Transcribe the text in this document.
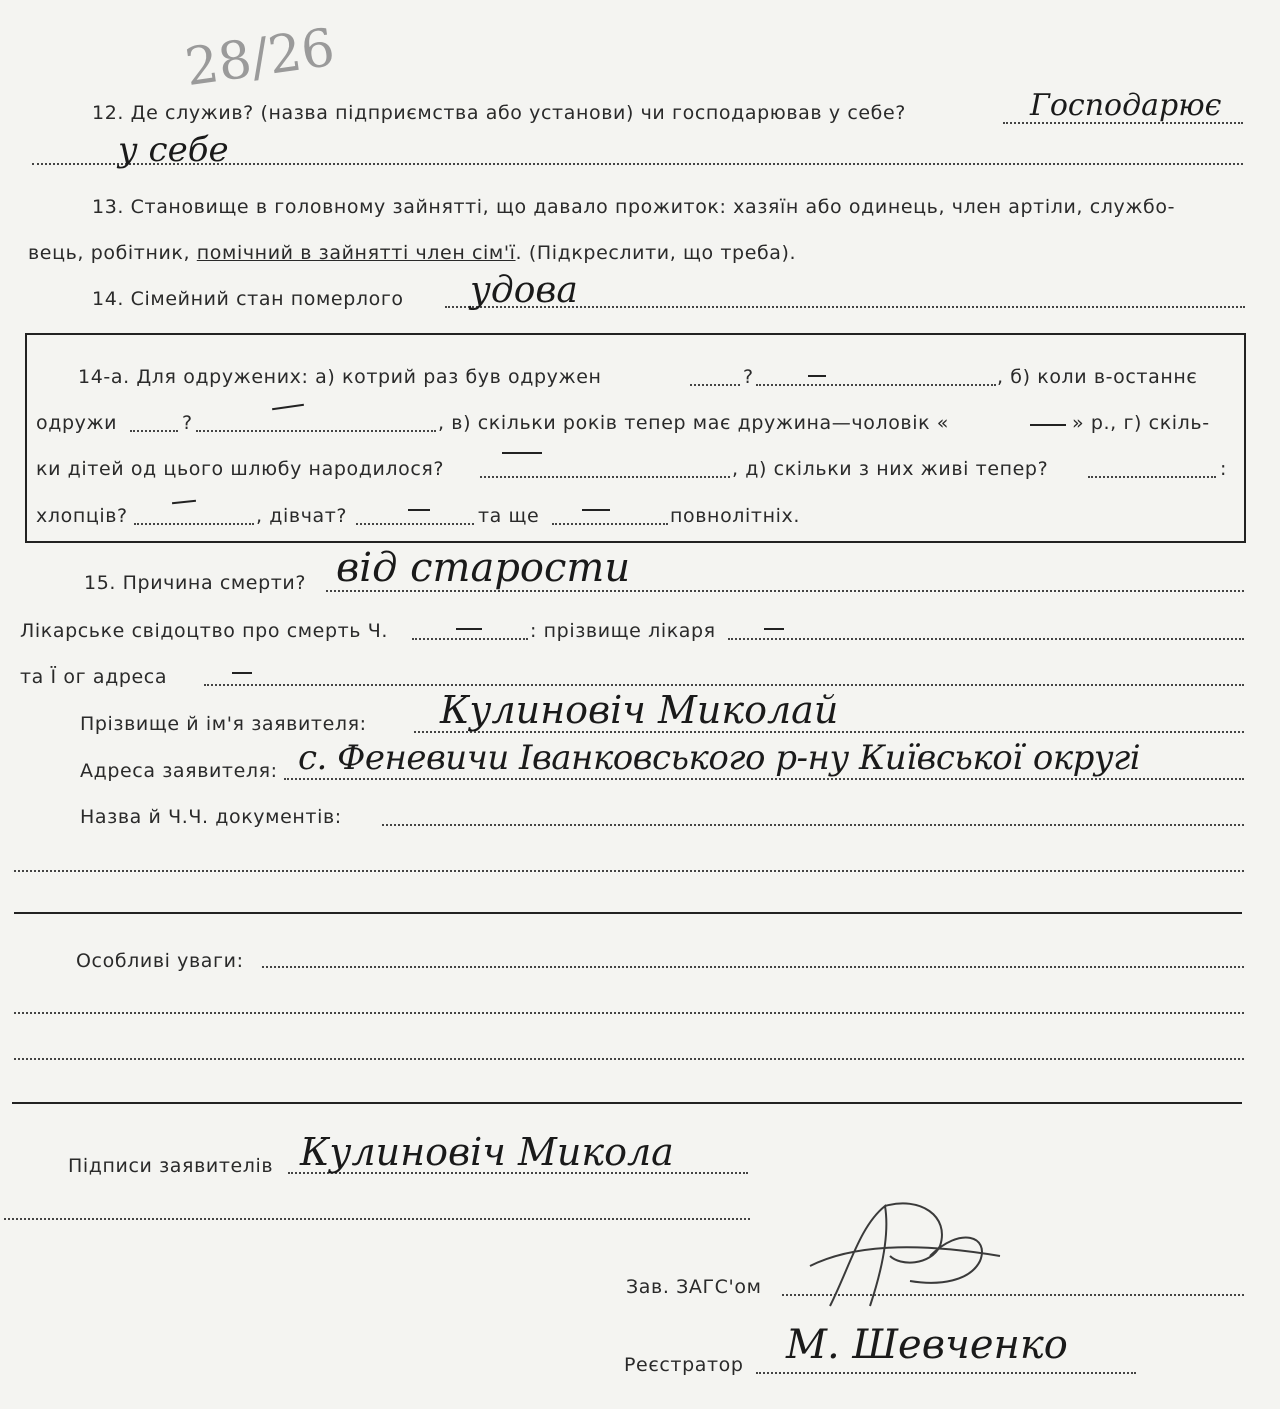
28/26
12. Де служив? (назва підприємства або установи) чи господарював у себе?	Господарює
у себе
13. Становище в головному зайнятті, що давало прожиток: хазяїн або одинець, член артіли, службо-
вець, робітник, помічний в зайнятті член сім'ї. (Підкреслити, що треба).
14. Сімейний стан померлого удова
14-а. Для одружених: а) котрий раз був одружен	?	, б) коли в-останнє
одружи	?	, в) скільки років тепер має дружина—чоловік «	» р., г) скіль-
ки дітей од цього шлюбу народилося?	, д) скільки з них живі тепер?	:
хлопців?	, дівчат?	та ще	повнолітніх.
15. Причина смерти? від старости
Лікарське свідоцтво про смерть Ч.	: прізвище лікаря
та Ї ог адреса
Прізвище й ім'я заявителя: Кулиновіч Миколай
Адреса заявителя: с. Феневичи Іванковського р-ну Київської округі
Назва й Ч.Ч. документів:
Особливі уваги:
Підписи заявителів Кулиновіч Микола
Зав. ЗАГС'ом
Реєстратор М. Шевченко
